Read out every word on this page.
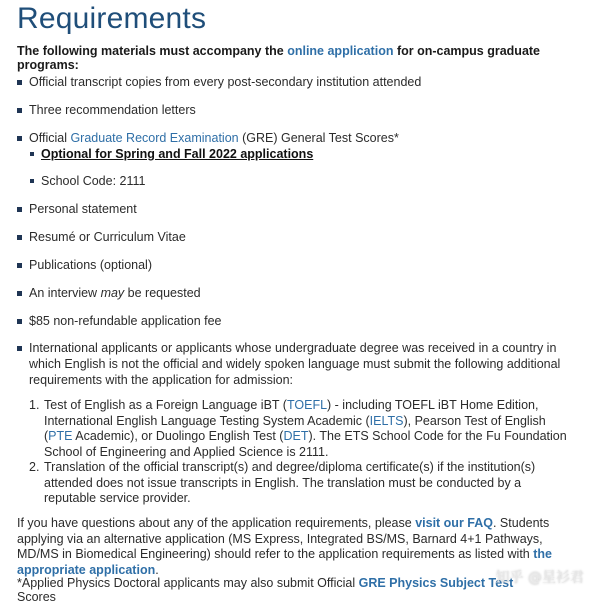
Requirements

The following materials must accompany the online application for on-campus graduate programs:

Official transcript copies from every post-secondary institution attended
Three recommendation letters
Official Graduate Record Examination (GRE) General Test Scores*
Optional for Spring and Fall 2022 applications
School Code: 2111
Personal statement
Resumé or Curriculum Vitae
Publications (optional)
An interview may be requested
$85 non-refundable application fee
International applicants or applicants whose undergraduate degree was received in a country in which English is not the official and widely spoken language must submit the following additional requirements with the application for admission:
1. Test of English as a Foreign Language iBT (TOEFL) - including TOEFL iBT Home Edition, International English Language Testing System Academic (IELTS), Pearson Test of English (PTE Academic), or Duolingo English Test (DET). The ETS School Code for the Fu Foundation School of Engineering and Applied Science is 2111.
2. Translation of the official transcript(s) and degree/diploma certificate(s) if the institution(s) attended does not issue transcripts in English. The translation must be conducted by a reputable service provider.

If you have questions about any of the application requirements, please visit our FAQ. Students applying via an alternative application (MS Express, Integrated BS/MS, Barnard 4+1 Pathways, MD/MS in Biomedical Engineering) should refer to the application requirements as listed with the appropriate application.

*Applied Physics Doctoral applicants may also submit Official GRE Physics Subject Test Scores

知乎 @星衫君
